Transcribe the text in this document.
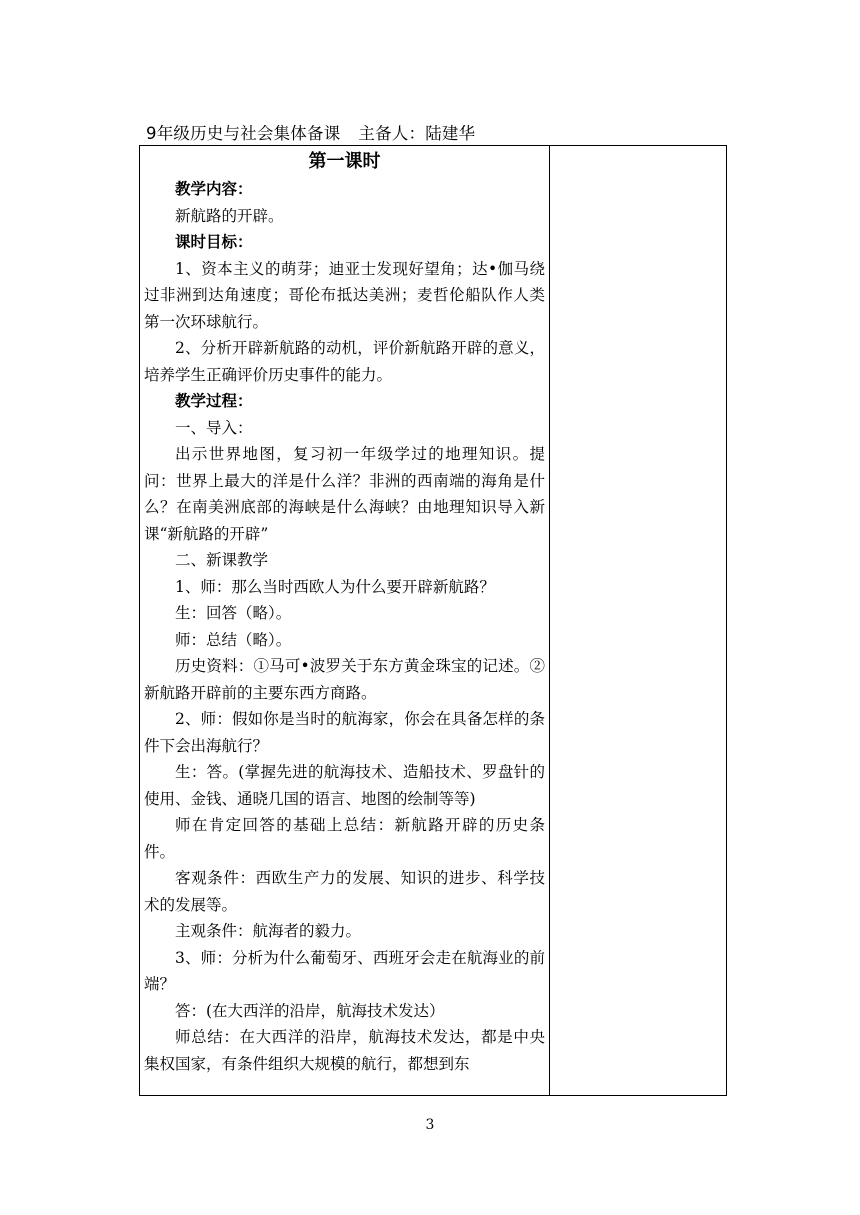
9年级历史与社会集体备课 主备人：陆建华

第一课时

教学内容：

新航路的开辟。

课时目标：

1、资本主义的萌芽；迪亚士发现好望角；达•伽马绕过非洲到达角速度；哥伦布抵达美洲；麦哲伦船队作人类第一次环球航行。

2、分析开辟新航路的动机，评价新航路开辟的意义，培养学生正确评价历史事件的能力。

教学过程：

一、导入：

出示世界地图，复习初一年级学过的地理知识。提问：世界上最大的洋是什么洋？非洲的西南端的海角是什么？在南美洲底部的海峡是什么海峡？由地理知识导入新课“新航路的开辟”

二、新课教学

1、师：那么当时西欧人为什么要开辟新航路？

生：回答（略）。

师：总结（略）。

历史资料：①马可•波罗关于东方黄金珠宝的记述。②新航路开辟前的主要东西方商路。

2、师：假如你是当时的航海家，你会在具备怎样的条件下会出海航行？

生：答。(掌握先进的航海技术、造船技术、罗盘针的使用、金钱、通晓几国的语言、地图的绘制等等)

师在肯定回答的基础上总结：新航路开辟的历史条件。

客观条件：西欧生产力的发展、知识的进步、科学技术的发展等。

主观条件：航海者的毅力。

3、师：分析为什么葡萄牙、西班牙会走在航海业的前端？

答：(在大西洋的沿岸，航海技术发达）

师总结：在大西洋的沿岸，航海技术发达，都是中央集权国家，有条件组织大规模的航行，都想到东

3
